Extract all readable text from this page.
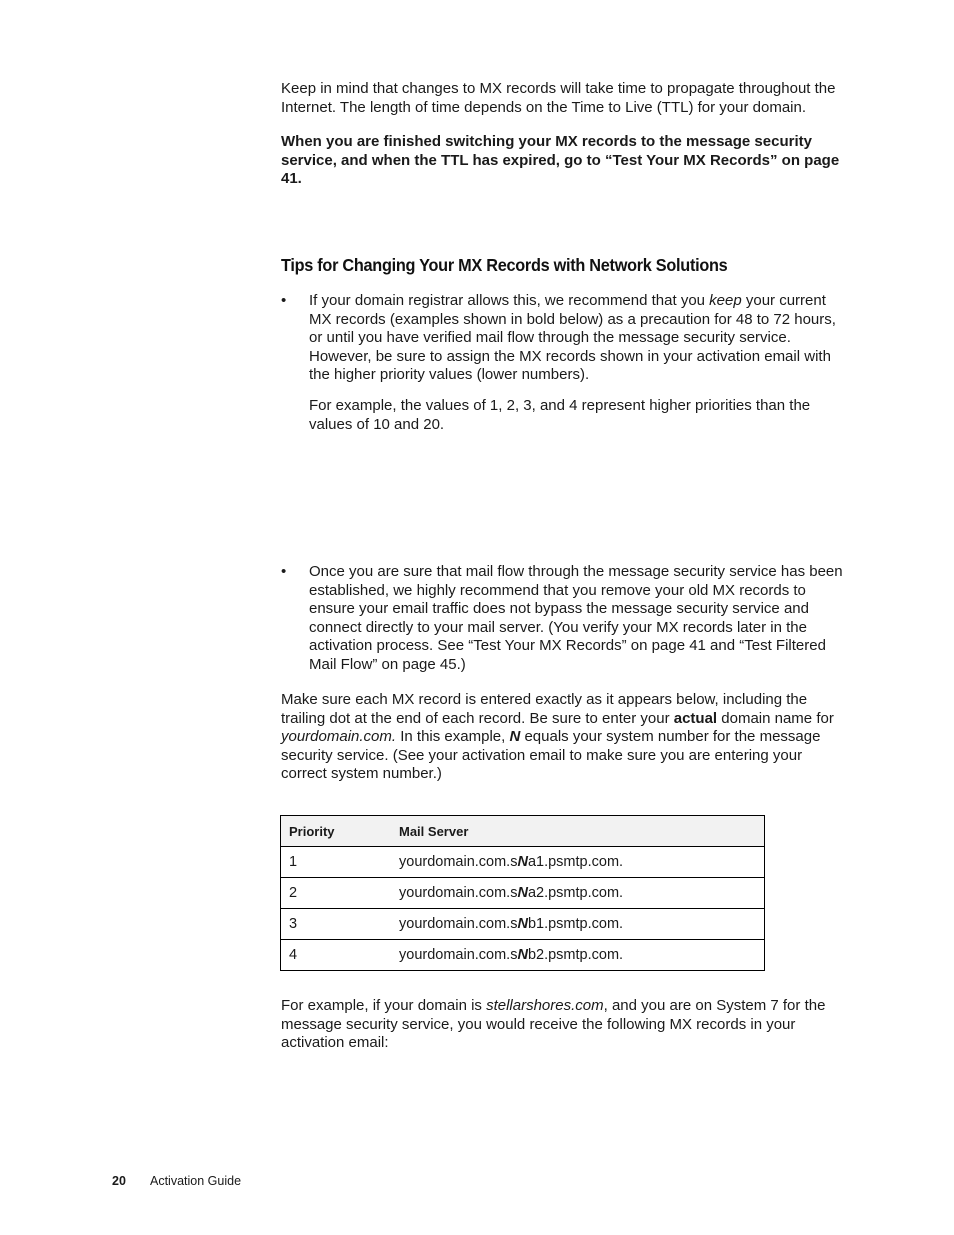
Keep in mind that changes to MX records will take time to propagate throughout the Internet. The length of time depends on the Time to Live (TTL) for your domain.

When you are finished switching your MX records to the message security service, and when the TTL has expired, go to “Test Your MX Records” on page 41.

Tips for Changing Your MX Records with Network Solutions
• If your domain registrar allows this, we recommend that you keep your current MX records (examples shown in bold below) as a precaution for 48 to 72 hours, or until you have verified mail flow through the message security service. However, be sure to assign the MX records shown in your activation email with the higher priority values (lower numbers).

For example, the values of 1, 2, 3, and 4 represent higher priorities than the values of 10 and 20.

• Once you are sure that mail flow through the message security service has been established, we highly recommend that you remove your old MX records to ensure your email traffic does not bypass the message security service and connect directly to your mail server. (You verify your MX records later in the activation process. See “Test Your MX Records” on page 41 and “Test Filtered Mail Flow” on page 45.)

Make sure each MX record is entered exactly as it appears below, including the trailing dot at the end of each record. Be sure to enter your actual domain name for yourdomain.com. In this example, N equals your system number for the message security service. (See your activation email to make sure you are entering your correct system number.)

Priority	Mail Server
1	yourdomain.com.sNa1.psmtp.com.
2	yourdomain.com.sNa2.psmtp.com.
3	yourdomain.com.sNb1.psmtp.com.
4	yourdomain.com.sNb2.psmtp.com.

For example, if your domain is stellarshores.com, and you are on System 7 for the message security service, you would receive the following MX records in your activation email:

20 Activation Guide
